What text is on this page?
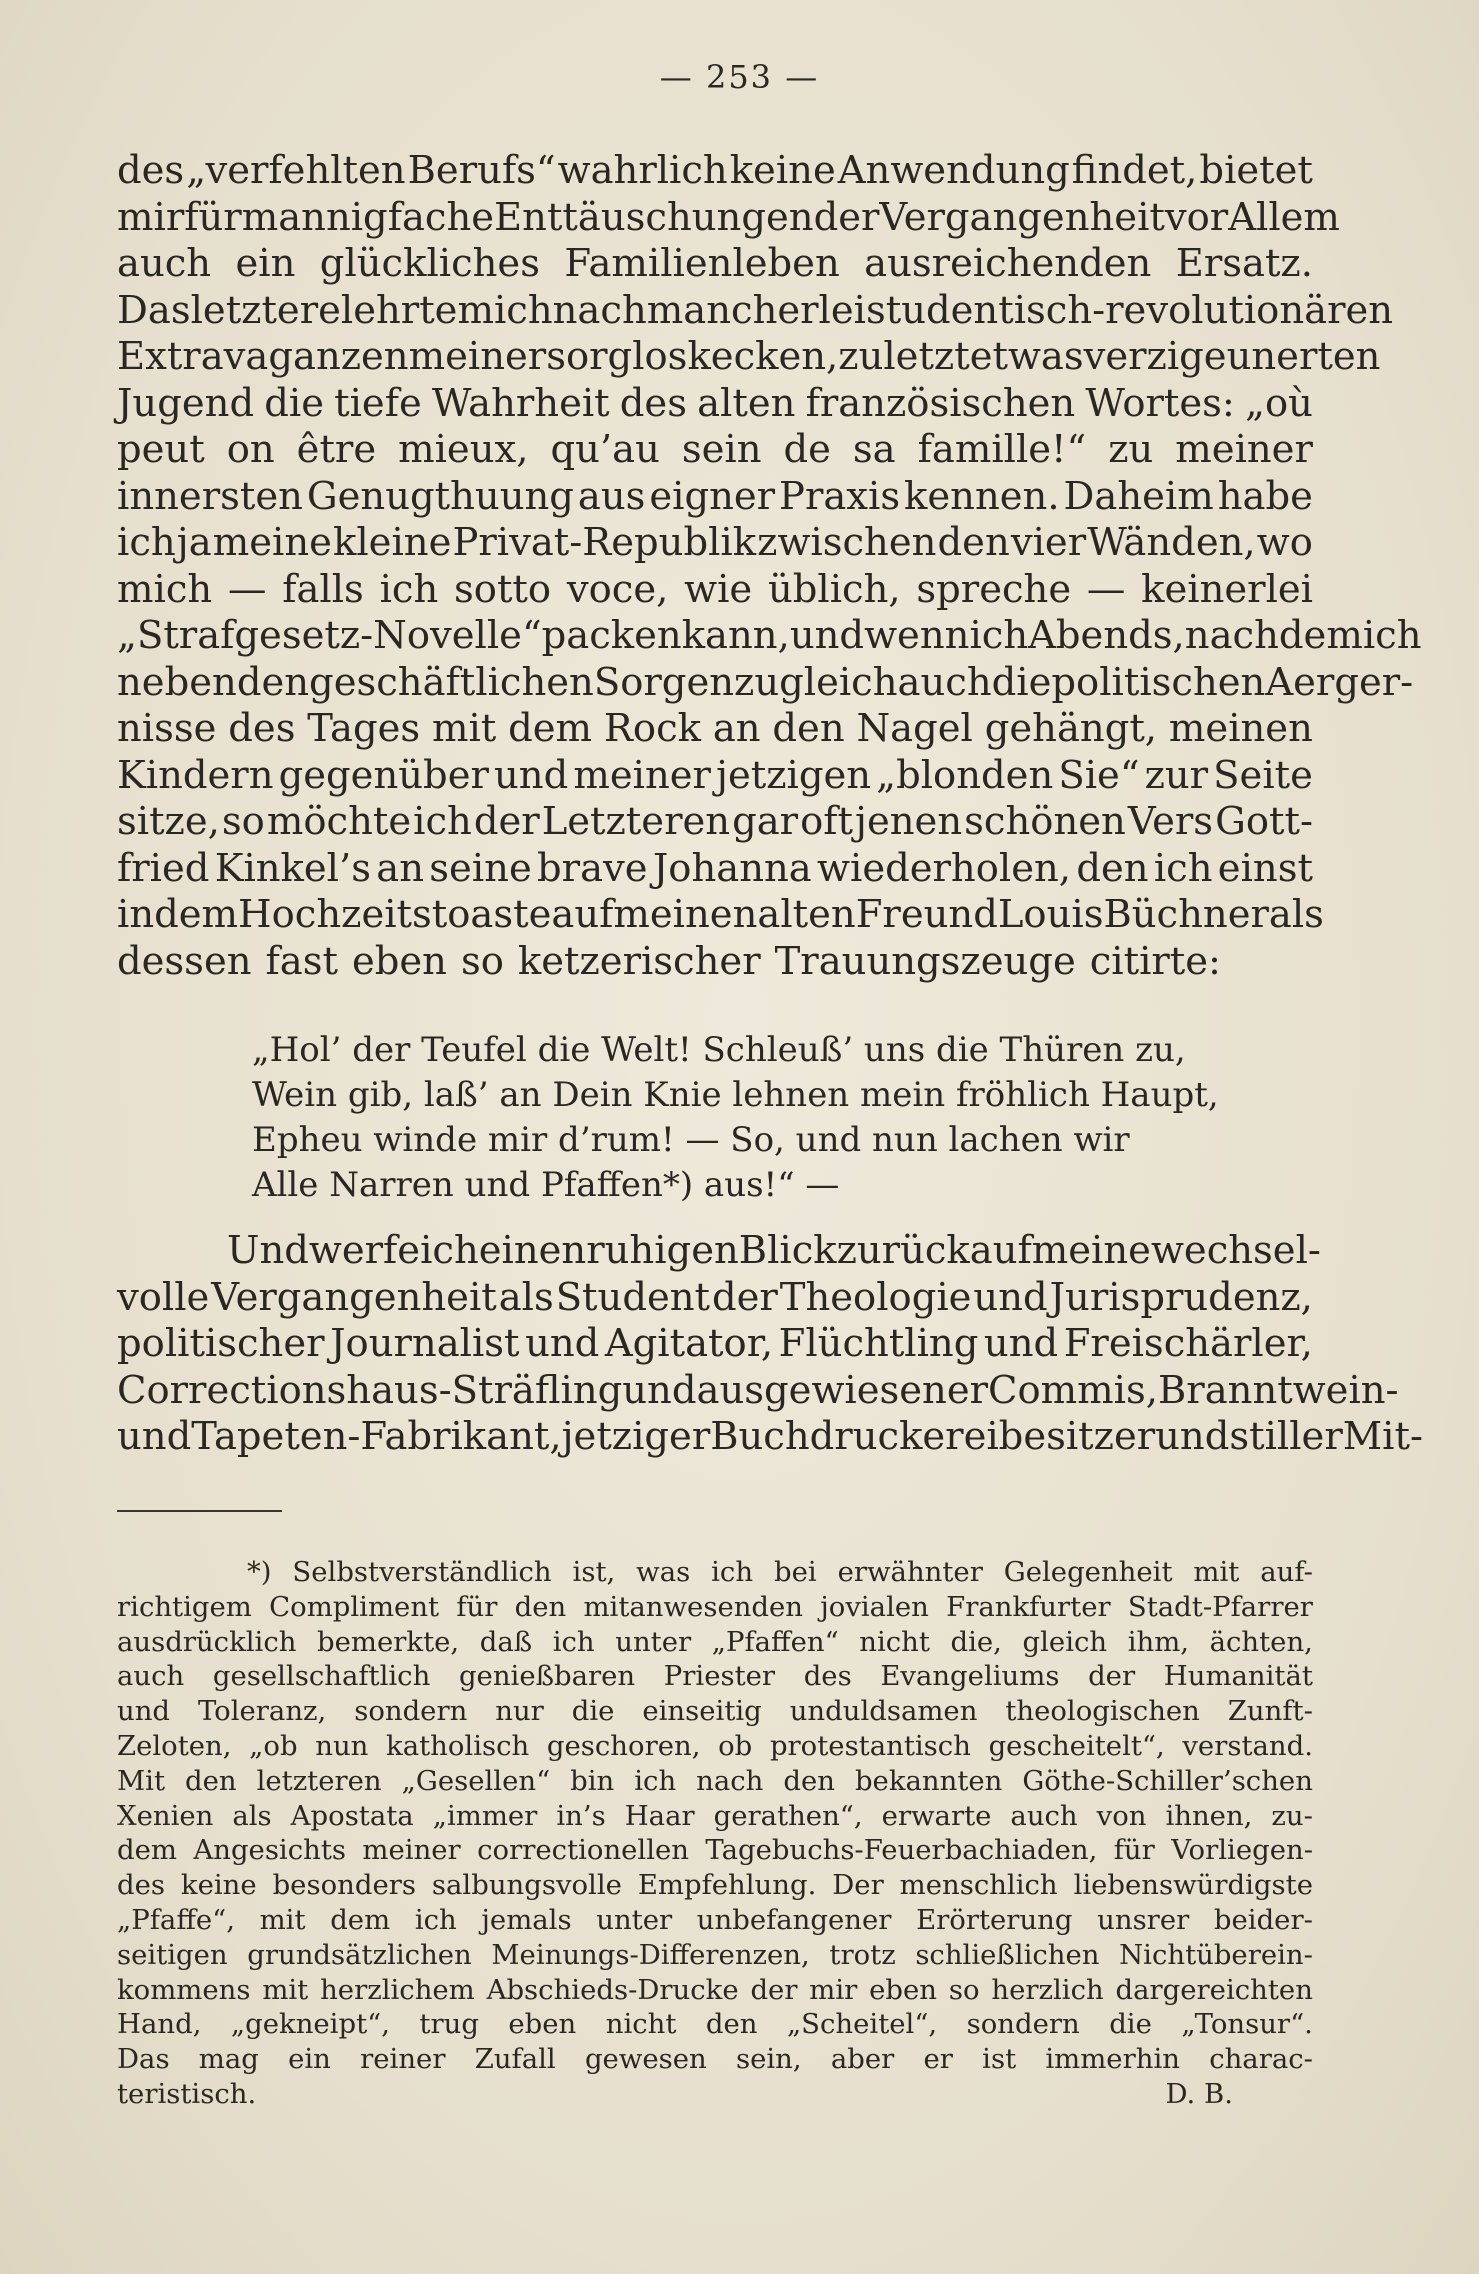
— 253 —
des „verfehlten Berufs“ wahrlich keine Anwendung findet, bietet
mir für mannigfache Enttäuschungen der Vergangenheit vor Allem
auch ein glückliches Familienleben ausreichenden Ersatz.
Das letztere lehrte mich nach mancherlei studentisch-revolutionären
Extravaganzen meiner sorglos kecken, zuletzt etwas verzigeunerten
Jugend die tiefe Wahrheit des alten französischen Wortes: „où
peut on être mieux, qu’au sein de sa famille!“ zu meiner
innersten Genugthuung aus eigner Praxis kennen. Daheim habe
ich ja meine kleine Privat-Republik zwischen den vier Wänden, wo
mich — falls ich sotto voce, wie üblich, spreche — keinerlei
„Strafgesetz-Novelle“ packen kann, und wenn ich Abends, nachdem ich
neben den geschäftlichen Sorgen zugleich auch die politischen Aerger-
nisse des Tages mit dem Rock an den Nagel gehängt, meinen
Kindern gegenüber und meiner jetzigen „blonden Sie“ zur Seite
sitze, so möchte ich der Letzteren gar oft jenen schönen Vers Gott-
fried Kinkel’s an seine brave Johanna wiederholen, den ich einst
in dem Hochzeitstoaste auf meinen alten Freund Louis Büchner als
dessen fast eben so ketzerischer Trauungszeuge citirte:
„Hol’ der Teufel die Welt! Schleuß’ uns die Thüren zu,
Wein gib, laß’ an Dein Knie lehnen mein fröhlich Haupt,
Epheu winde mir d’rum! — So, und nun lachen wir
Alle Narren und Pfaffen*) aus!“ —
Und werfe ich einen ruhigen Blick zurück auf meine wechsel-
volle Vergangenheit als Student der Theologie und Jurisprudenz,
politischer Journalist und Agitator, Flüchtling und Freischärler,
Correctionshaus-Sträfling und ausgewiesener Commis, Branntwein-
und Tapeten-Fabrikant, jetziger Buchdruckereibesitzer und stiller Mit-
*) Selbstverständlich ist, was ich bei erwähnter Gelegenheit mit auf-
richtigem Compliment für den mitanwesenden jovialen Frankfurter Stadt-Pfarrer
ausdrücklich bemerkte, daß ich unter „Pfaffen“ nicht die, gleich ihm, ächten,
auch gesellschaftlich genießbaren Priester des Evangeliums der Humanität
und Toleranz, sondern nur die einseitig unduldsamen theologischen Zunft-
Zeloten, „ob nun katholisch geschoren, ob protestantisch gescheitelt“, verstand.
Mit den letzteren „Gesellen“ bin ich nach den bekannten Göthe-Schiller’schen
Xenien als Apostata „immer in’s Haar gerathen“, erwarte auch von ihnen, zu-
dem Angesichts meiner correctionellen Tagebuchs-Feuerbachiaden, für Vorliegen-
des keine besonders salbungsvolle Empfehlung. Der menschlich liebenswürdigste
„Pfaffe“, mit dem ich jemals unter unbefangener Erörterung unsrer beider-
seitigen grundsätzlichen Meinungs-Differenzen, trotz schließlichen Nichtüberein-
kommens mit herzlichem Abschieds-Drucke der mir eben so herzlich dargereichten
Hand, „gekneipt“, trug eben nicht den „Scheitel“, sondern die „Tonsur“.
Das mag ein reiner Zufall gewesen sein, aber er ist immerhin charac-
teristisch.	D. B.
